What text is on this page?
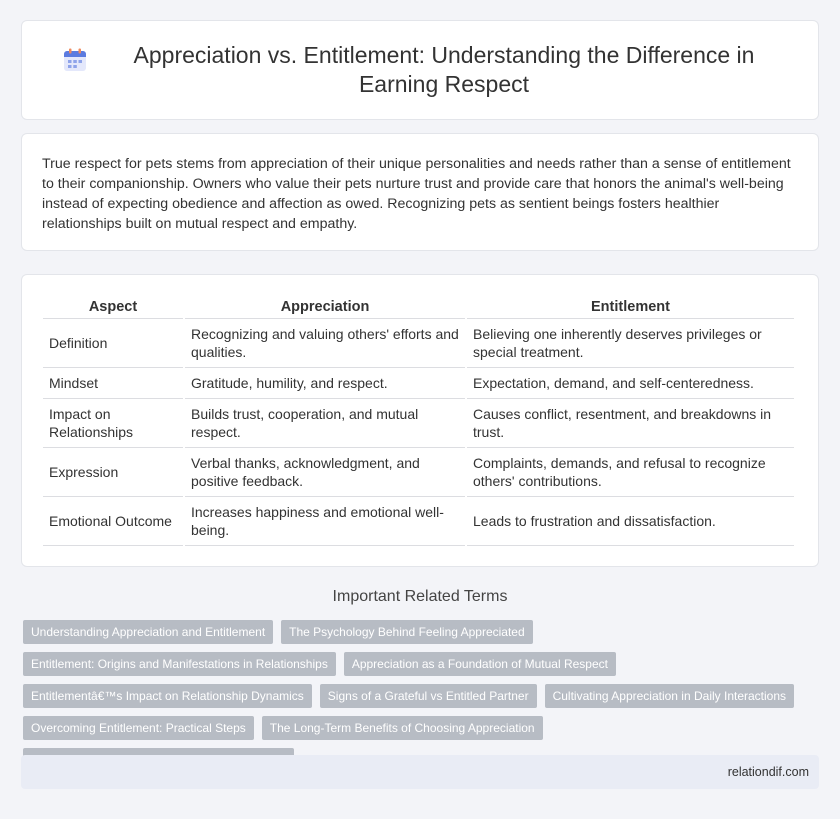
Appreciation vs. Entitlement: Understanding the Difference in Earning Respect

True respect for pets stems from appreciation of their unique personalities and needs rather than a sense of entitlement to their companionship. Owners who value their pets nurture trust and provide care that honors the animal's well-being instead of expecting obedience and affection as owed. Recognizing pets as sentient beings fosters healthier relationships built on mutual respect and empathy.

Aspect	Appreciation	Entitlement
Definition	Recognizing and valuing others' efforts and qualities.	Believing one inherently deserves privileges or special treatment.
Mindset	Gratitude, humility, and respect.	Expectation, demand, and self-centeredness.
Impact on Relationships	Builds trust, cooperation, and mutual respect.	Causes conflict, resentment, and breakdowns in trust.
Expression	Verbal thanks, acknowledgment, and positive feedback.	Complaints, demands, and refusal to recognize others' contributions.
Emotional Outcome	Increases happiness and emotional well-being.	Leads to frustration and dissatisfaction.
Important Related Terms
Understanding Appreciation and Entitlement	The Psychology Behind Feeling Appreciated
Entitlement: Origins and Manifestations in Relationships	Appreciation as a Foundation of Mutual Respect
Entitlementâ€™s Impact on Relationship Dynamics	Signs of a Grateful vs Entitled Partner	Cultivating Appreciation in Daily Interactions
Overcoming Entitlement: Practical Steps	The Long-Term Benefits of Choosing Appreciation
relationdif.com
